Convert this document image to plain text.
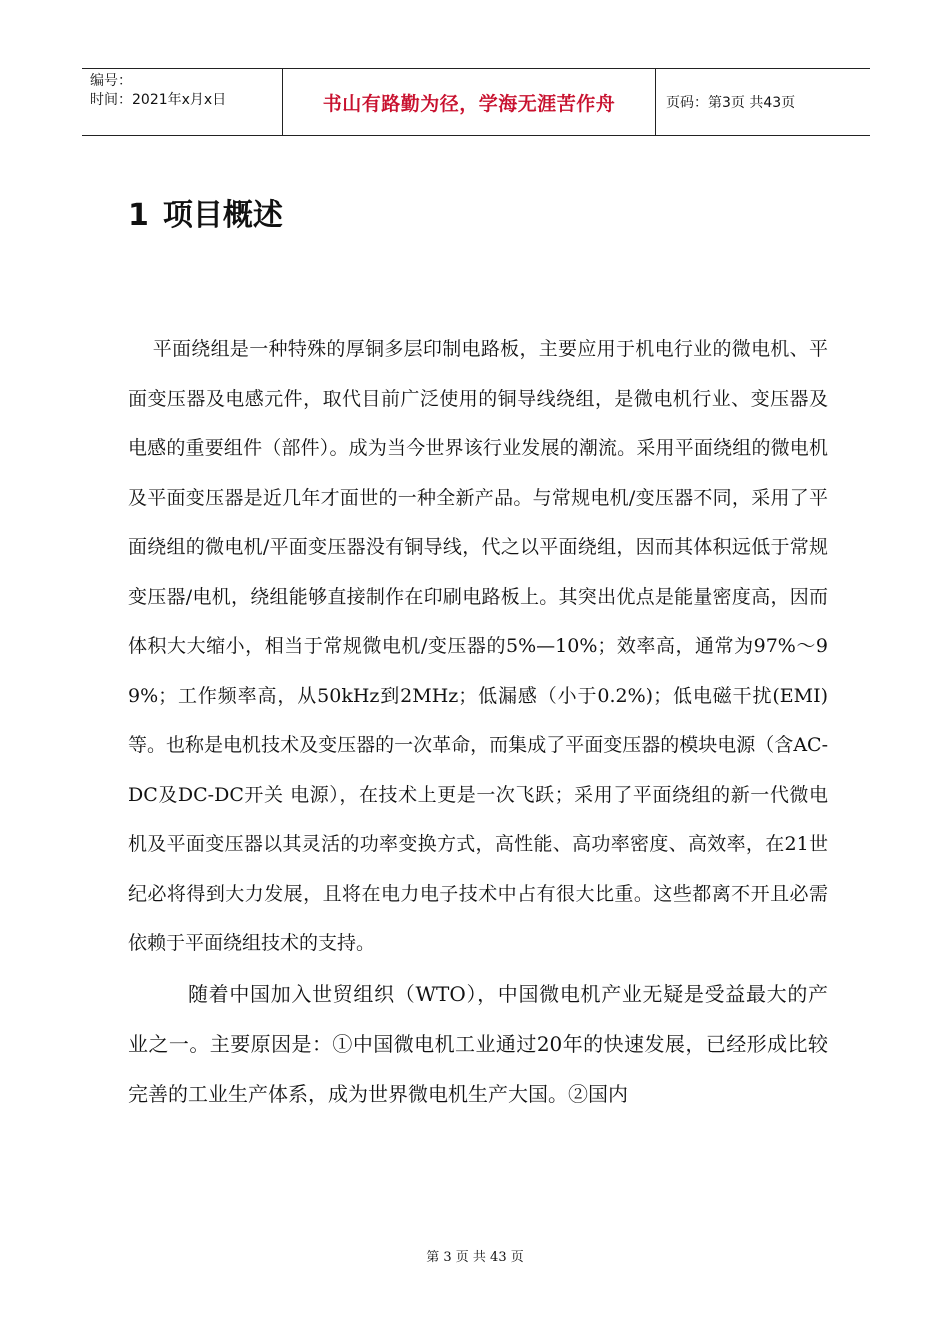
编号：
时间：2021年x月x日	书山有路勤为径，学海无涯苦作舟	页码：第3页 共43页
1 项目概述

平面绕组是一种特殊的厚铜多层印制电路板，主要应用于机电行业的微电机、平面变压器及电感元件，取代目前广泛使用的铜导线绕组，是微电机行业、变压器及电感的重要组件（部件）。成为当今世界该行业发展的潮流。采用平面绕组的微电机及平面变压器是近几年才面世的一种全新产品。与常规电机/变压器不同，采用了平面绕组的微电机/平面变压器没有铜导线，代之以平面绕组，因而其体积远低于常规变压器/电机，绕组能够直接制作在印刷电路板上。其突出优点是能量密度高，因而体积大大缩小，相当于常规微电机/变压器的5%—10%；效率高，通常为97%～99%；工作频率高，从50kHz到2MHz；低漏感（小于0.2%)；低电磁干扰(EMI)等。也称是电机技术及变压器的一次革命，而集成了平面变压器的模块电源（含AC-DC及DC-DC开关 电源），在技术上更是一次飞跃；采用了平面绕组的新一代微电机及平面变压器以其灵活的功率变换方式，高性能、高功率密度、高效率，在21世纪必将得到大力发展，且将在电力电子技术中占有很大比重。这些都离不开且必需依赖于平面绕组技术的支持。

随着中国加入世贸组织（WTO），中国微电机产业无疑是受益最大的产业之一。主要原因是：①中国微电机工业通过20年的快速发展，已经形成比较完善的工业生产体系，成为世界微电机生产大国。②国内

第 3 页 共 43 页
